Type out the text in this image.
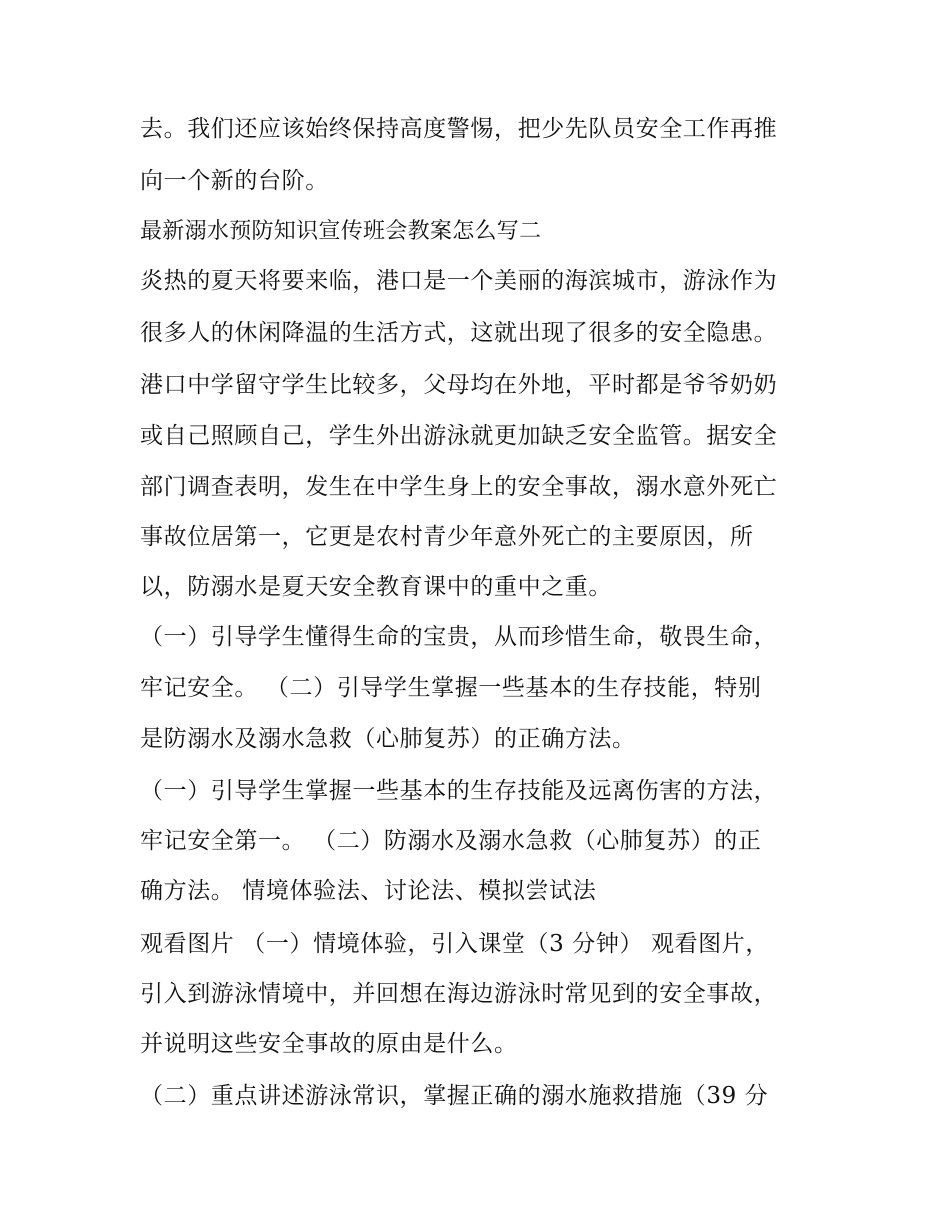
去。我们还应该始终保持高度警惕，把少先队员安全工作再推
向一个新的台阶。
最新溺水预防知识宣传班会教案怎么写二
炎热的夏天将要来临，港口是一个美丽的海滨城市，游泳作为
很多人的休闲降温的生活方式，这就出现了很多的安全隐患。
港口中学留守学生比较多，父母均在外地，平时都是爷爷奶奶
或自己照顾自己，学生外出游泳就更加缺乏安全监管。据安全
部门调查表明，发生在中学生身上的安全事故，溺水意外死亡
事故位居第一，它更是农村青少年意外死亡的主要原因，所
以，防溺水是夏天安全教育课中的重中之重。
（一）引导学生懂得生命的宝贵，从而珍惜生命，敬畏生命，
牢记安全。 （二）引导学生掌握一些基本的生存技能，特别
是防溺水及溺水急救（心肺复苏）的正确方法。
（一）引导学生掌握一些基本的生存技能及远离伤害的方法，
牢记安全第一。 （二）防溺水及溺水急救（心肺复苏）的正
确方法。 情境体验法、讨论法、模拟尝试法
观看图片 （一）情境体验，引入课堂（3 分钟） 观看图片，
引入到游泳情境中，并回想在海边游泳时常见到的安全事故，
并说明这些安全事故的原由是什么。
（二）重点讲述游泳常识，掌握正确的溺水施救措施（39 分
